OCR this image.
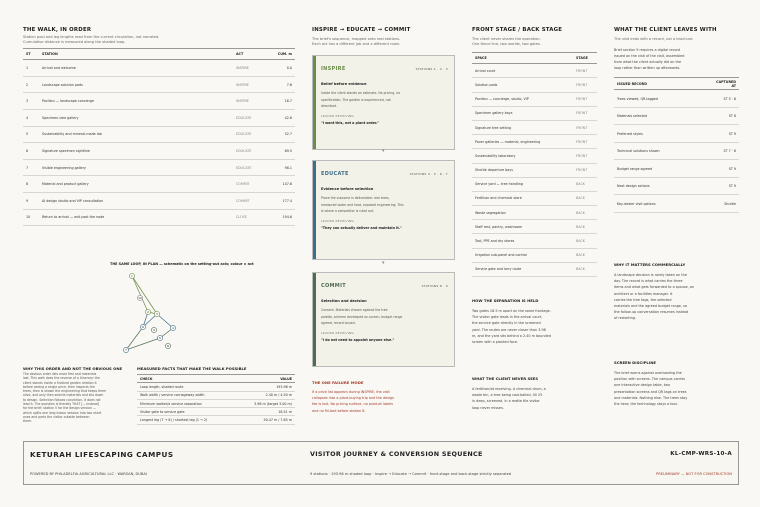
THE WALK, IN ORDER
Station pool and leg lengths read from the current circulation, not narrated.
Cumulative distance is measured along the shaded loop.
ST	STATION	ACT	CUM. m
1	Arrival and welcome	INSPIRE	0.0
2	Landscape solution pods	INSPIRE	7.6
3	Pavilion — landscape concierge	INSPIRE	16.7
4	Specimen-tree gallery	EDUCATE	42.6
5	Sustainability and mineral-made lab	EDUCATE	52.7
6	Signature specimen sightline	EDUCATE	69.5
7	Visible engineering gallery	EDUCATE	98.1
8	Material and product gallery	COMMIT	147.6
9	AI design studio and VIP consultation	COMMIT	177.4
10	Return to arrival — exit past the node	CLOSE	194.6
THE SAME LOOP, IN PLAN — schematic on the setting-out axis; colour = act
1
2 3
4
5
6
7
8
9
10
WHY THIS ORDER AND NOT THE OBVIOUS ONE
The obvious order lists most first and materials
last. This walk does the reverse of a itinerary: the
client stands inside a finished garden relation it
before seeing a single price, then inspects the
trees, then is shown the engineering that keeps them
alive, and only then selects materials and sits down
to design. Selection follows conviction. It does not
lead it. The question is thereby THAT [— instead]
for the brief; station 5 for the design version —
which splits one long indoor session into two short
ones and parts the visitor outside between
them.
MEASURED FACTS THAT MAKE THE WALK POSSIBLE
CHECK	VALUE
Loop length, shaded route	193.96 m
Walk width / service carriageway width	2.40 m / 4.50 m
Minimum walker/a service separation	3.98 m (target 3.00 m)
Visitor gate to service gate	18.51 m
Longest leg (7 → 8) / shortest leg (1 → 2)	50.47 m / 7.65 m
INSPIRE → EDUCATE → COMMIT
The brief's sequence, mapped onto real stations.
Each act has a different job and a different room.
INSPIRE	STATIONS 1 · 2 · 3
Belief before evidence
Inside the client stands an estimate. No pricing, no
specification. The garden is experienced, not
described.
LEADER RECEIVING
"I want this, not a plant order."
EDUCATE	STATIONS 4 · 5 · 6 · 7
Evidence before selection
Prove the outcome is deliverable: real trees,
measured water and heat, exposed engineering. This
is where a competitor is ruled out.
LEADER RECEIVING
"They can actually deliver and maintain it."
COMMIT	STATIONS 8 · 9
Selection and decision
Consent. Materials chosen against the tree
palette, scheme developed on-screen, budget range
agreed, record issued.
LEADER RECEIVING
"I do not need to appoint anyone else."
▾
▾
THE ONE FAILURE MODE
If a price list appears during INSPIRE, the visit
collapses into a plant-buying trip and the design
fee is lost. No pricing surface, no product labels
and no fill-bed before station 8.
FRONT STAGE / BACK STAGE
The client never shares the operation.
One fence line, two worlds, two gates.
SPACE	STAGE
Arrival court	FRONT
Solution pods	FRONT
Pavilion — concierge, studio, VIP	FRONT
Specimen gallery bays	FRONT
Signature tree setting	FRONT
Paver galleries — material, engineering	FRONT
Sustainability laboratory	FRONT
Shuttle departure bays	FRONT
Service yard — tree handling	BACK
Fertiliser and chemical store	BACK
Waste segregation	BACK
Staff rest, pantry, washroom	BACK
Tool, PPE and dry stores	BACK
Irrigation sub-panel and control	BACK
Service gate and lorry route	BACK
HOW THE SEPARATION IS HELD
Two gates 18.5 m apart on the same frontage.
The visitor gate leads in the arrival court,
the service gate directly in the screened
yard. The routes are never closer than 3.98
m, and the yard sits behind a 2.40 m bounded
screen with a planted face.
WHAT THE CLIENT NEVER SEES
A fertiliser/at receiving. A chemical drum, a
waste bin, a tree being root-balled, 40 25
in deep, screened, in a matte tile visitor
loop never misses.
WHAT THE CLIENT LEAVES WITH
The visit ends with a record, not a brochure.
Brief section 9 requires a digital record
issued on the visit of the visit, assembled
from what the client actually did on the
loop rather than written up afterwards.
ISSUED RECORD	CAPTURED AT
Trees viewed, QR-tagged	ST 5 · 6
Materials selected	ST 8
Preferred styles	ST 9
Technical solutions shown	ST 7 · 8
Budget range agreed	ST 9
Next design actions	ST 9
Key-dealer visit options	Shuttle
WHY IT MATTERS COMMERCIALLY
A landscape decision is rarely taken on the
day. The record is what carries the three
items and what gets forwarded to a spouse, an
architect or a facilities manager. It
carries the tree tags, the selected
materials and the agreed budget range, so
the follow-up conversation resumes instead
of restarting.
SCREEN DISCIPLINE
The brief warns against overloading the
pavilion with screens. The campus carries
one interactive design table, two
presentation screens and QR tags on trees
and materials. Nothing else. The trees stay
the hero; the technology stays a tool.
KETURAH LIFESCAPING CAMPUS
POWERED BY PHILADELFIA AGRICULTURAL LLC · WARSAN, DUBAI
VISITOR JOURNEY & CONVERSION SEQUENCE
9 stations · 193.96 m shaded loop · Inspire → Educate → Commit · front-stage and back-stage strictly separated
KL-CMP-WRS-10-A
PRELIMINARY — NOT FOR CONSTRUCTION
